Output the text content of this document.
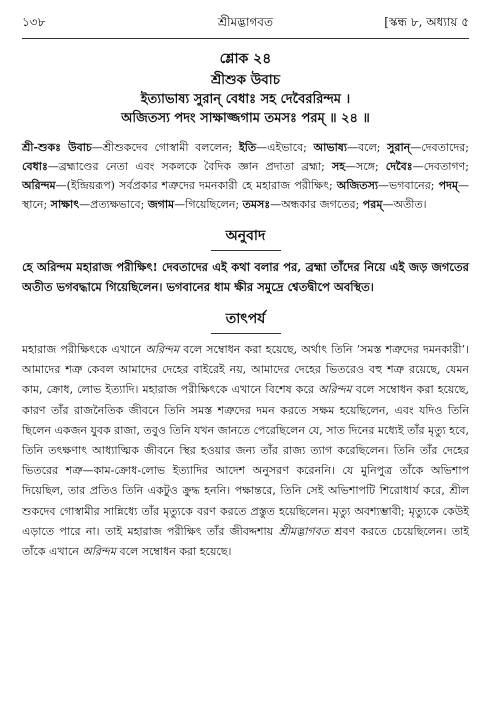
১৩৮	শ্রীমদ্ভাগবত	[স্কন্ধ ৮, অধ্যায় ৫
শ্লোক ২৪
শ্রীশুক উবাচ
ইত্যাভাষ্য সুরান্‌ বেধাঃ সহ দেবৈররিন্দম ।
অজিতস্য পদং সাক্ষাজ্জগাম তমসঃ পরম্‌ ॥ ২৪ ॥
শ্রী-শুকঃ উবাচ—শ্রীশুকদেব গোস্বামী বললেন; ইতি—এইভাবে; আভাষ্য—বলে; সুরান্‌—দেবতাদের; বেধাঃ—ব্রহ্মাণ্ডের নেতা এবং সকলকে বৈদিক জ্ঞান প্রদাতা ব্রহ্মা; সহ—সঙ্গে; দেবৈঃ—দেবতাগণ; অরিন্দম—(ইন্দ্রিয়রূপ) সর্বপ্রকার শত্রুদের দমনকারী হে মহারাজ পরীক্ষিৎ; অজিতস্য—ভগবানের; পদম্‌—স্থানে; সাক্ষাৎ—প্রত্যক্ষভাবে; জগাম—গিয়েছিলেন; তমসঃ—অন্ধকার জগতের; পরম্‌—অতীত।
অনুবাদ
হে অরিন্দম মহারাজ পরীক্ষিৎ! দেবতাদের এই কথা বলার পর, ব্রহ্মা তাঁদের নিয়ে এই জড় জগতের অতীত ভগবদ্ধামে গিয়েছিলেন। ভগবানের ধাম ক্ষীর সমুদ্রে শ্বেতদ্বীপে অবস্থিত।
তাৎপর্য
মহারাজ পরীক্ষিৎকে এখানে অরিন্দম বলে সম্বোধন করা হয়েছে, অর্থাৎ তিনি ‘সমস্ত শত্রুদের দমনকারী’। আমাদের শত্রু কেবল আমাদের দেহের বাইরেই নয়, আমাদের দেহের ভিতরেও বহু শত্রু রয়েছে, যেমন কাম, ক্রোধ, লোভ ইত্যাদি। মহারাজ পরীক্ষিৎকে এখানে বিশেষ করে অরিন্দম বলে সম্বোধন করা হয়েছে, কারণ তাঁর রাজনৈতিক জীবনে তিনি সমস্ত শত্রুদের দমন করতে সক্ষম হয়েছিলেন, এবং যদিও তিনি ছিলেন একজন যুবক রাজা, তবুও তিনি যখন জানতে পেরেছিলেন যে, সাত দিনের মধ্যেই তাঁর মৃত্যু হবে, তিনি তৎক্ষণাৎ আধ্যাত্মিক জীবনে স্থির হওয়ার জন্য তাঁর রাজ্য ত্যাগ করেছিলেন। তিনি তাঁর দেহের ভিতরের শত্রু—কাম-ক্রোধ-লোভ ইত্যাদির আদেশ অনুসরণ করেননি। যে মুনিপুত্র তাঁকে অভিশাপ দিয়েছিল, তার প্রতিও তিনি একটুও ক্রুদ্ধ হননি। পক্ষান্তরে, তিনি সেই অভিশাপটি শিরোধার্য করে, শ্রীল শুকদেব গোস্বামীর সান্নিধ্যে তাঁর মৃত্যুকে বরণ করতে প্রস্তুত হয়েছিলেন। মৃত্যু অবশ্যম্ভাবী; মৃত্যুকে কেউই এড়াতে পারে না। তাই মহারাজ পরীক্ষিৎ তাঁর জীবদ্দশায় শ্রীমদ্ভাগবত শ্রবণ করতে চেয়েছিলেন। তাই তাঁকে এখানে অরিন্দম বলে সম্বোধন করা হয়েছে।
